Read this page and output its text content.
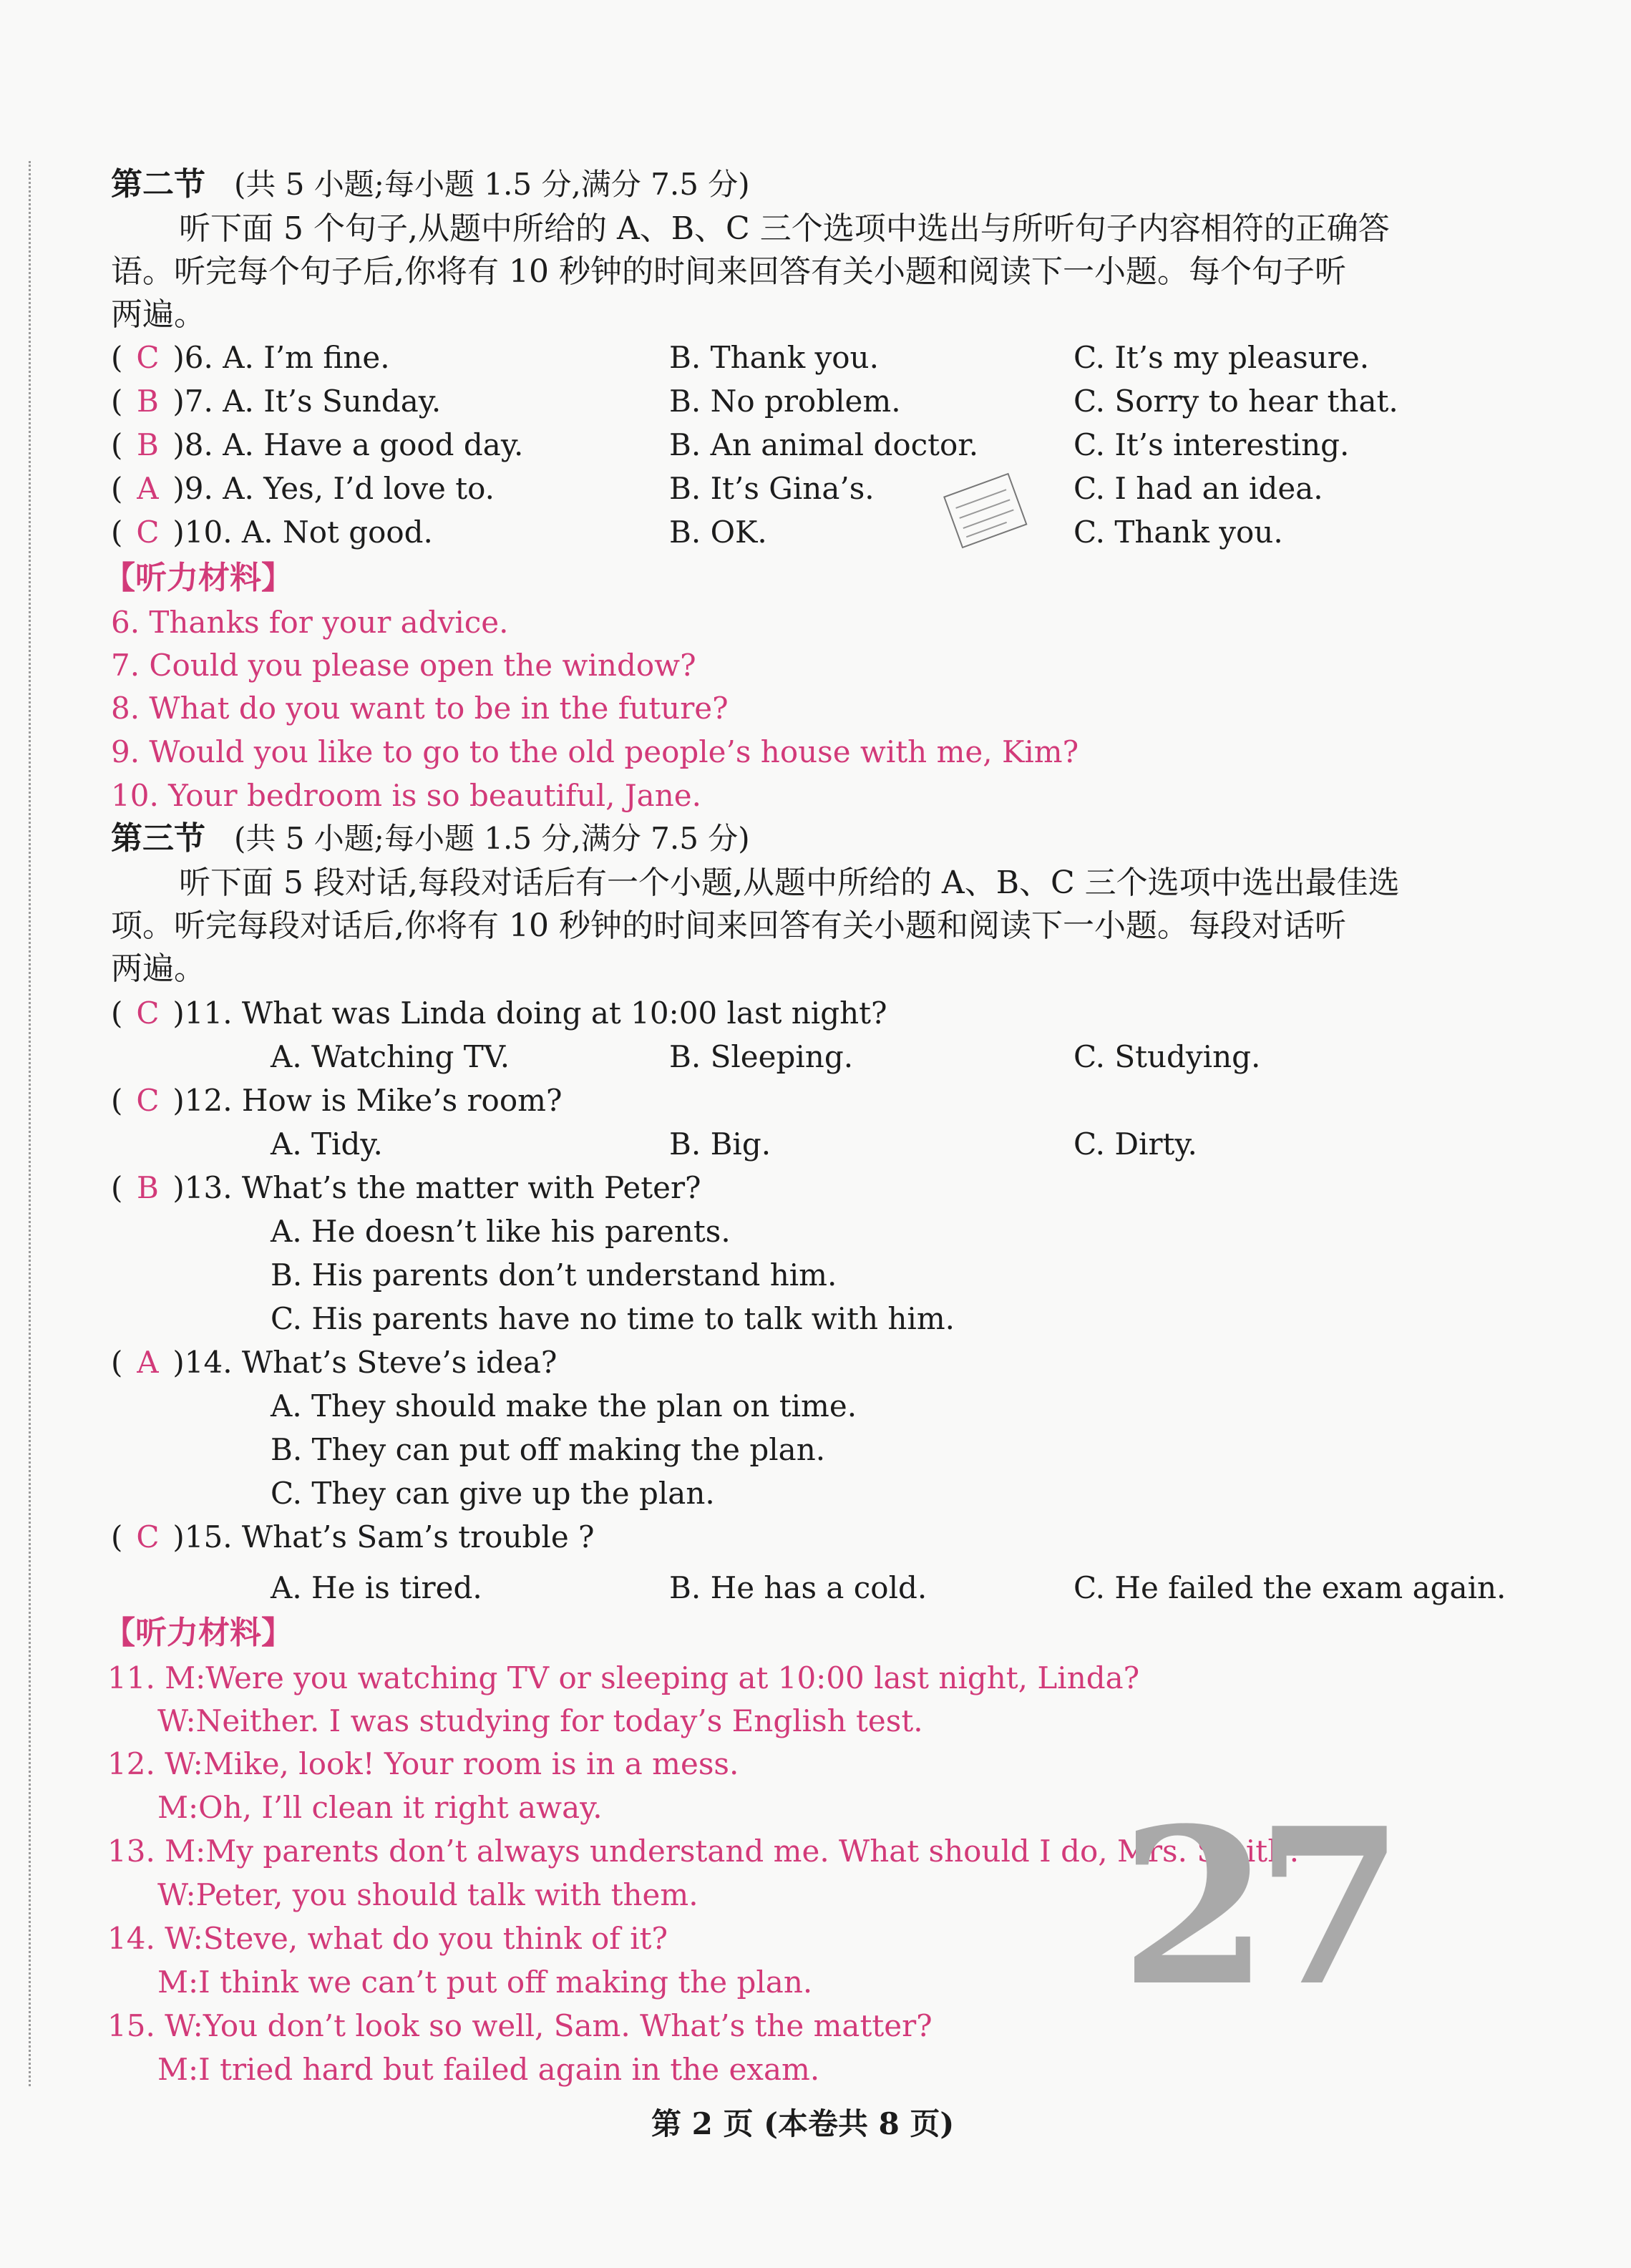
第二节 (共 5 小题;每小题 1.5 分,满分 7.5 分)
听下面 5 个句子,从题中所给的 A、B、C 三个选项中选出与所听句子内容相符的正确答
语。听完每个句子后,你将有 10 秒钟的时间来回答有关小题和阅读下一小题。每个句子听
两遍。
( C )6. A. I’m fine.	B. Thank you.	C. It’s my pleasure.
( B )7. A. It’s Sunday.	B. No problem.	C. Sorry to hear that.
( B )8. A. Have a good day.	B. An animal doctor.	C. It’s interesting.
( A )9. A. Yes, I’d love to.	B. It’s Gina’s.	C. I had an idea.
( C )10. A. Not good.	B. OK.	C. Thank you.
【听力材料】
6. Thanks for your advice.
7. Could you please open the window?
8. What do you want to be in the future?
9. Would you like to go to the old people’s house with me, Kim?
10. Your bedroom is so beautiful, Jane.
第三节 (共 5 小题;每小题 1.5 分,满分 7.5 分)
听下面 5 段对话,每段对话后有一个小题,从题中所给的 A、B、C 三个选项中选出最佳选
项。听完每段对话后,你将有 10 秒钟的时间来回答有关小题和阅读下一小题。每段对话听
两遍。
( C )11. What was Linda doing at 10:00 last night?
A. Watching TV.	B. Sleeping.	C. Studying.
( C )12. How is Mike’s room?
A. Tidy.	B. Big.	C. Dirty.
( B )13. What’s the matter with Peter?
A. He doesn’t like his parents.
B. His parents don’t understand him.
C. His parents have no time to talk with him.
( A )14. What’s Steve’s idea?
A. They should make the plan on time.
B. They can put off making the plan.
C. They can give up the plan.
( C )15. What’s Sam’s trouble ?
A. He is tired.	B. He has a cold.	C. He failed the exam again.
【听力材料】
11. M:Were you watching TV or sleeping at 10:00 last night, Linda?
W:Neither. I was studying for today’s English test.
12. W:Mike, look! Your room is in a mess.
M:Oh, I’ll clean it right away.
13. M:My parents don’t always understand me. What should I do, Mrs. Smith?
W:Peter, you should talk with them.
14. W:Steve, what do you think of it?
M:I think we can’t put off making the plan.
15. W:You don’t look so well, Sam. What’s the matter?
M:I tried hard but failed again in the exam.
27
第 2 页 (本卷共 8 页)
